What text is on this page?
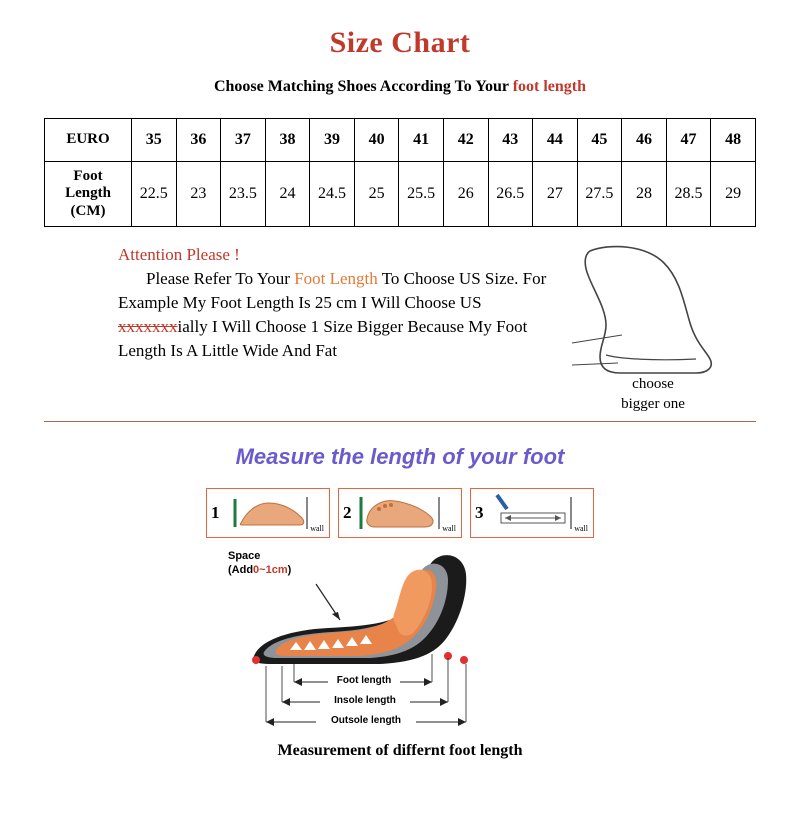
Size Chart
Choose Matching Shoes According To Your foot length
EURO	35	36	37	38	39	40	41	42	43	44	45	46	47	48

Foot
Length
(CM)	22.5	23	23.5	24	24.5	25	25.5	26	26.5	27	27.5	28	28.5	29
Attention Please !
Please Refer To Your Foot Length To Choose US Size. For Example My Foot Length Is 25 cm I Will Choose US xxxxxxxially I Will Choose 1 Size Bigger Because My Foot Length Is A Little Wide And Fat
choose
bigger one
Measure the length of your foot
1
wall
2
wall
3
wall
Space
(Add0~1cm)
Foot length
Insole length
Outsole length
Measurement of differnt foot length
